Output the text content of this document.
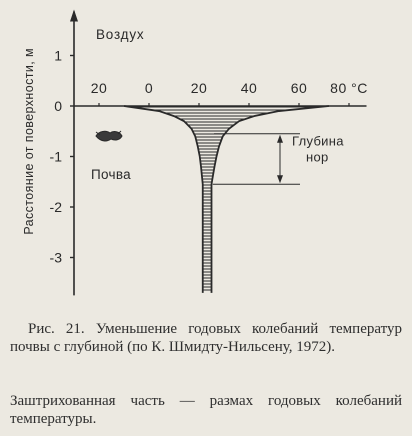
1
0
-1
-2
-3
20	0	20 40 60 80 °C
Расстояние от поверхности, м
Воздух
Почва
Глубина
нор
Рис. 21. Уменьшение годовых колебаний температур почвы с глубиной (по К. Шмидту-Нильсену, 1972).
Заштрихованная часть — размах годовых колебаний температуры.
